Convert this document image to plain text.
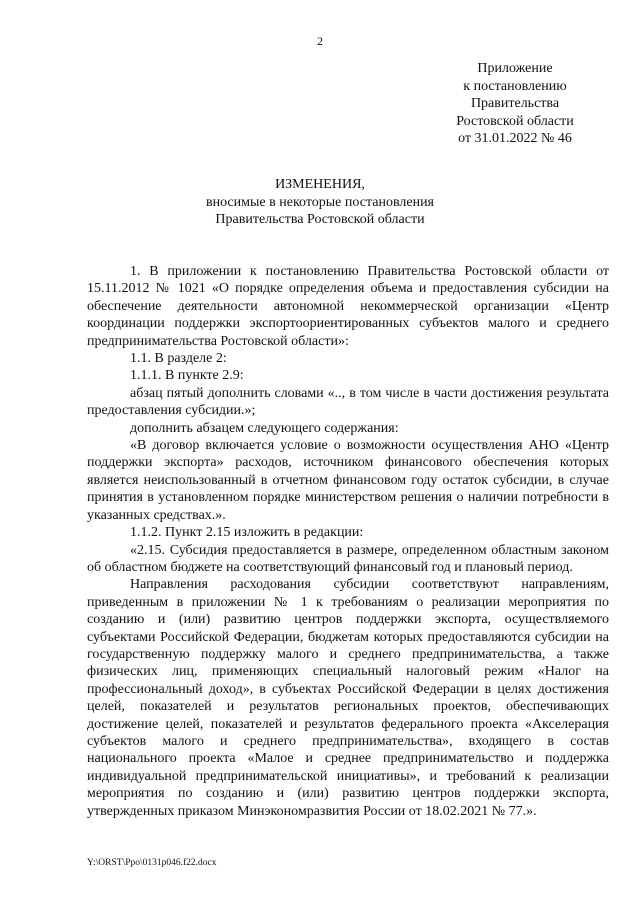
2
Приложение
к постановлению
Правительства
Ростовской области
от 31.01.2022 № 46
ИЗМЕНЕНИЯ,
вносимые в некоторые постановления
Правительства Ростовской области

1. В приложении к постановлению Правительства Ростовской области от 15.11.2012 № 1021 «О порядке определения объема и предоставления субсидии на обеспечение деятельности автономной некоммерческой организации «Центр координации поддержки экспортоориентированных субъектов малого и среднего предпринимательства Ростовской области»:

1.1. В разделе 2:

1.1.1. В пункте 2.9:

абзац пятый дополнить словами «.., в том числе в части достижения результата предоставления субсидии.»;

дополнить абзацем следующего содержания:

«В договор включается условие о возможности осуществления АНО «Центр поддержки экспорта» расходов, источником финансового обеспечения которых является неиспользованный в отчетном финансовом году остаток субсидии, в случае принятия в установленном порядке министерством решения о наличии потребности в указанных средствах.».

1.1.2. Пункт 2.15 изложить в редакции:

«2.15. Субсидия предоставляется в размере, определенном областным законом об областном бюджете на соответствующий финансовый год и плановый период.

Направления расходования субсидии соответствуют направлениям, приведенным в приложении № 1 к требованиям о реализации мероприятия по созданию и (или) развитию центров поддержки экспорта, осуществляемого субъектами Российской Федерации, бюджетам которых предоставляются субсидии на государственную поддержку малого и среднего предпринимательства, а также физических лиц, применяющих специальный налоговый режим «Налог на профессиональный доход», в субъектах Российской Федерации в целях достижения целей, показателей и результатов региональных проектов, обеспечивающих достижение целей, показателей и результатов федерального проекта «Акселерация субъектов малого и среднего предпринимательства», входящего в состав национального проекта «Малое и среднее предпринимательство и поддержка индивидуальной предпринимательской инициативы», и требований к реализации мероприятия по созданию и (или) развитию центров поддержки экспорта, утвержденных приказом Минэкономразвития России от 18.02.2021 № 77.».

Y:\ORST\Ppo\0131p046.f22.docx
